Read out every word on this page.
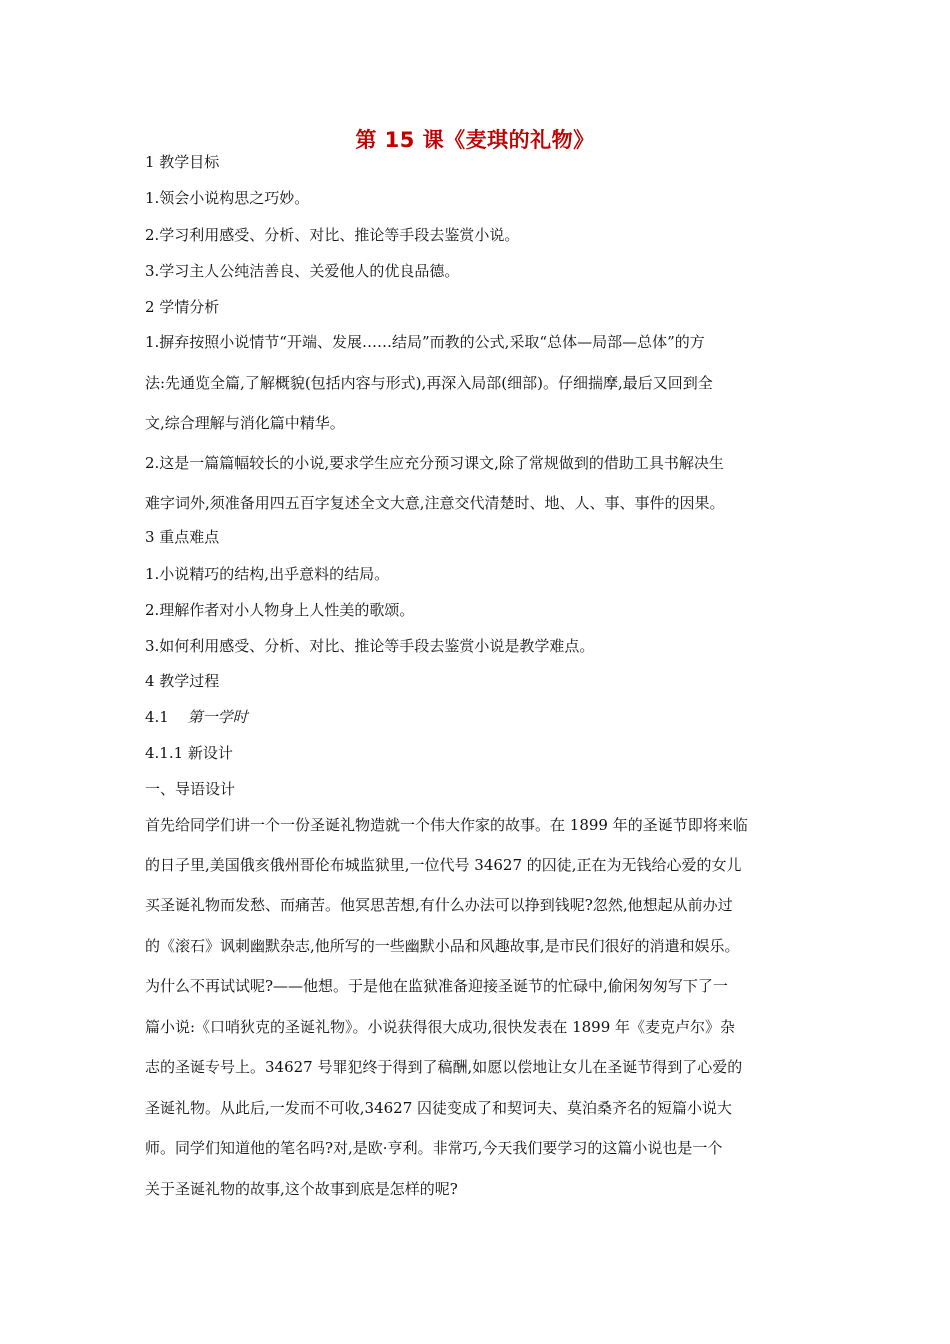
第 15 课《麦琪的礼物》
1 教学目标
1.领会小说构思之巧妙。
2.学习利用感受、分析、对比、推论等手段去鉴赏小说。
3.学习主人公纯洁善良、关爱他人的优良品德。
2 学情分析
1.摒弃按照小说情节“开端、发展……结局”而教的公式,采取“总体—局部—总体”的方
法:先通览全篇,了解概貌(包括内容与形式),再深入局部(细部)。仔细揣摩,最后又回到全
文,综合理解与消化篇中精华。
2.这是一篇篇幅较长的小说,要求学生应充分预习课文,除了常规做到的借助工具书解决生
难字词外,须准备用四五百字复述全文大意,注意交代清楚时、地、人、事、事件的因果。
3 重点难点
1.小说精巧的结构,出乎意料的结局。
2.理解作者对小人物身上人性美的歌颂。
3.如何利用感受、分析、对比、推论等手段去鉴赏小说是教学难点。
4 教学过程
4.1 第一学时
4.1.1 新设计
一、导语设计
首先给同学们讲一个一份圣诞礼物造就一个伟大作家的故事。在 1899 年的圣诞节即将来临
的日子里,美国俄亥俄州哥伦布城监狱里,一位代号 34627 的囚徒,正在为无钱给心爱的女儿
买圣诞礼物而发愁、而痛苦。他冥思苦想,有什么办法可以挣到钱呢?忽然,他想起从前办过
的《滚石》讽刺幽默杂志,他所写的一些幽默小品和风趣故事,是市民们很好的消遣和娱乐。
为什么不再试试呢?——他想。于是他在监狱准备迎接圣诞节的忙碌中,偷闲匆匆写下了一
篇小说:《口哨狄克的圣诞礼物》。小说获得很大成功,很快发表在 1899 年《麦克卢尔》杂
志的圣诞专号上。34627 号罪犯终于得到了稿酬,如愿以偿地让女儿在圣诞节得到了心爱的
圣诞礼物。从此后,一发而不可收,34627 囚徒变成了和契诃夫、莫泊桑齐名的短篇小说大
师。同学们知道他的笔名吗?对,是欧·亨利。非常巧,今天我们要学习的这篇小说也是一个
关于圣诞礼物的故事,这个故事到底是怎样的呢?
